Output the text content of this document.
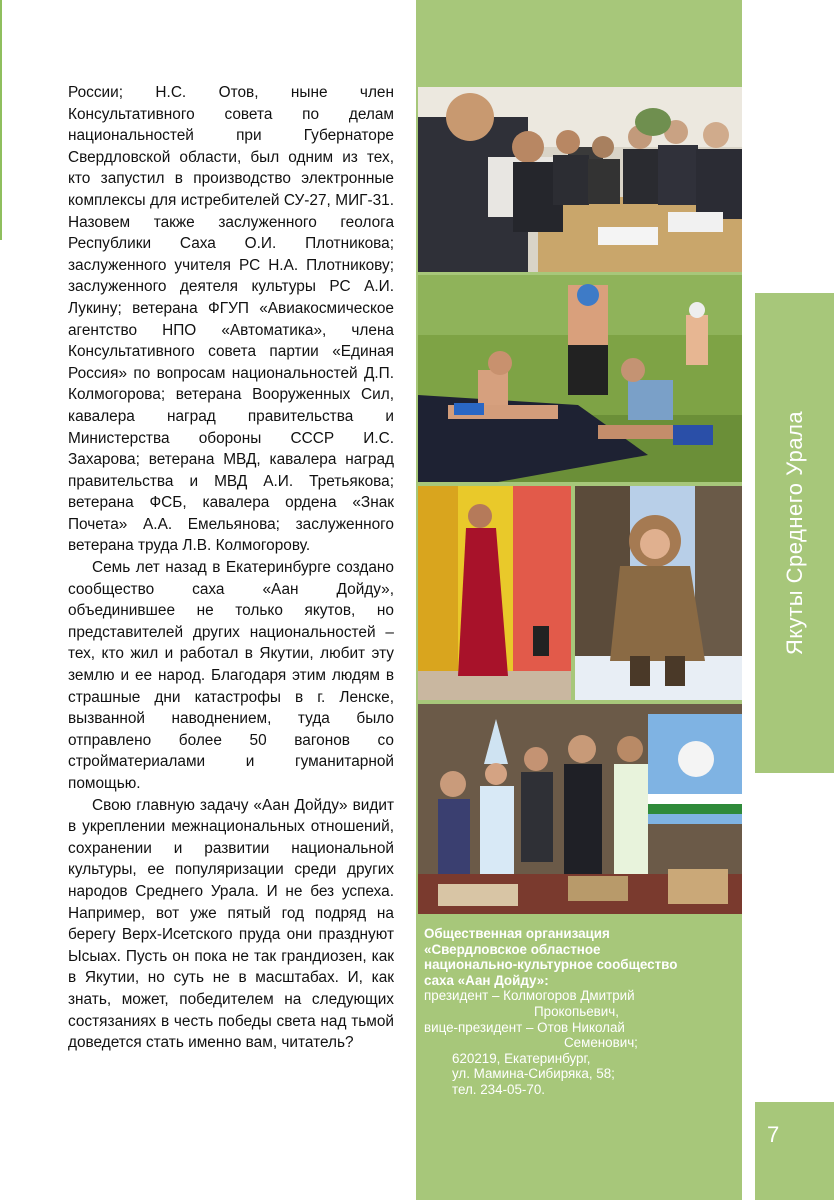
России; Н.С. Отов, ныне член Консультативного совета по делам национальностей при Губернаторе Свердловской области, был одним из тех, кто запустил в производство электронные комплексы для истребителей СУ-27, МИГ-31. Назовем также заслуженного геолога Республики Саха О.И. Плотникова; заслуженного учителя РС Н.А. Плотникову; заслуженного деятеля культуры РС А.И. Лукину; ветерана ФГУП «Авиакосмическое агентство НПО «Автоматика», члена Консультативного совета партии «Единая Россия» по вопросам национальностей Д.П. Колмогорова; ветерана Вооруженных Сил, кавалера наград правительства и Министерства обороны СССР И.С. Захарова; ветерана МВД, кавалера наград правительства и МВД А.И. Третьякова; ветерана ФСБ, кавалера ордена «Знак Почета» А.А. Емельянова; заслуженного ветерана труда Л.В. Колмогорову.

Семь лет назад в Екатеринбурге создано сообщество саха «Аан Дойду», объединившее не только якутов, но представителей других национальностей – тех, кто жил и работал в Якутии, любит эту землю и ее народ. Благодаря этим людям в страшные дни катастрофы в г. Ленске, вызванной наводнением, туда было отправлено более 50 вагонов со стройматериалами и гуманитарной помощью.

Свою главную задачу «Аан Дойду» видит в укреплении межнациональных отношений, сохранении и развитии национальной культуры, ее популяризации среди других народов Среднего Урала. И не без успеха. Например, вот уже пятый год подряд на берегу Верх-Исетского пруда они празднуют Ысыах. Пусть он пока не так грандиозен, как в Якутии, но суть не в масштабах. И, как знать, может, победителем на следующих состязаниях в честь победы света над тьмой доведется стать именно вам, читатель?

Общественная организация
«Свердловское областное
национально-культурное сообщество
саха «Аан Дойду»:
президент – Колмогоров Дмитрий
Прокопьевич,
вице-президент – Отов Николай
Семенович;
620219, Екатеринбург,
ул. Мамина-Сибиряка, 58;
тел. 234-05-70.
Якуты Среднего Урала
7
